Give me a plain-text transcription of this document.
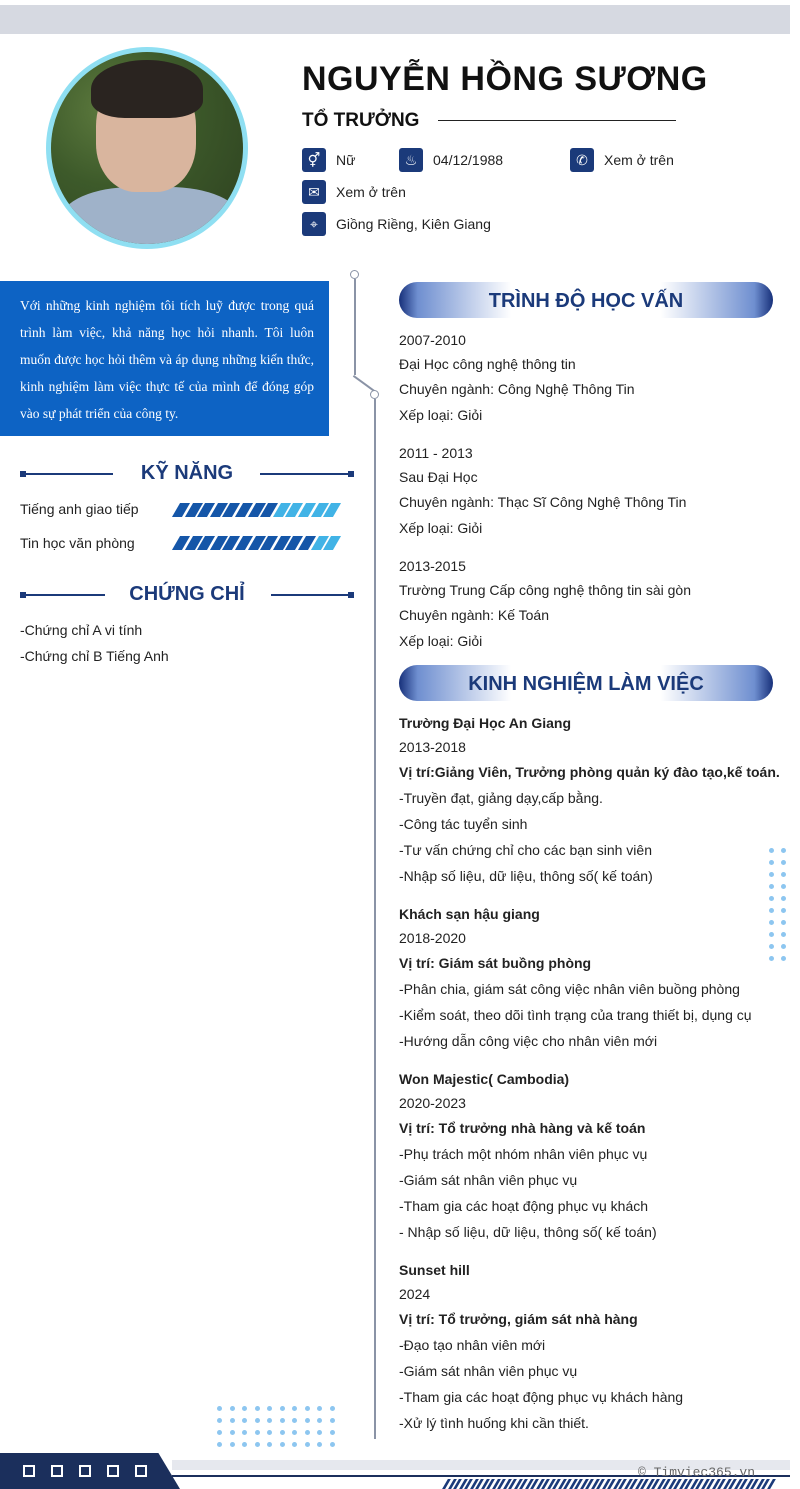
NGUYỄN HỒNG SƯƠNG
TỔ TRƯỞNG
⚥	Nữ	♨	04/12/1988	✆	Xem ở trên
✉	Xem ở trên
⌖	Giồng Riềng, Kiên Giang
Với những kinh nghiệm tôi tích luỹ được trong quá trình làm việc, khả năng học hỏi nhanh. Tôi luôn muốn được học hỏi thêm và áp dụng những kiến thức, kinh nghiệm làm việc thực tế của mình để đóng góp vào sự phát triển của công ty.
KỸ NĂNG
Tiếng anh giao tiếp
Tin học văn phòng
CHỨNG CHỈ
-Chứng chỉ A vi tính
-Chứng chỉ B Tiếng Anh
TRÌNH ĐỘ HỌC VẤN
2007-2010
Đại Học công nghệ thông tin
Chuyên ngành: Công Nghệ Thông Tin
Xếp loại: Giỏi
2011 - 2013
Sau Đại Học
Chuyên ngành: Thạc Sĩ Công Nghệ Thông Tin
Xếp loại: Giỏi
2013-2015
Trường Trung Cấp công nghệ thông tin sài gòn
Chuyên ngành: Kế Toán
Xếp loại: Giỏi
KINH NGHIỆM LÀM VIỆC
Trường Đại Học An Giang
2013-2018
Vị trí:Giảng Viên, Trưởng phòng quản ký đào tạo,kế toán.
-Truyền đạt, giảng dạy,cấp bằng.
-Công tác tuyển sinh
-Tư vấn chứng chỉ cho các bạn sinh viên
-Nhập số liệu, dữ liệu, thông số( kế toán)
Khách sạn hậu giang
2018-2020
Vị trí: Giám sát buồng phòng
-Phân chia, giám sát công việc nhân viên buồng phòng
-Kiểm soát, theo dõi tình trạng của trang thiết bị, dụng cụ
-Hướng dẫn công việc cho nhân viên mới
Won Majestic( Cambodia)
2020-2023
Vị trí: Tổ trưởng nhà hàng và kế toán
-Phụ trách một nhóm nhân viên phục vụ
-Giám sát nhân viên phục vụ
-Tham gia các hoạt động phục vụ khách
- Nhập số liệu, dữ liệu, thông số( kế toán)
Sunset hill
2024
Vị trí: Tổ trưởng, giám sát nhà hàng
-Đạo tạo nhân viên mới
-Giám sát nhân viên phục vụ
-Tham gia các hoạt động phục vụ khách hàng
-Xử lý tình huống khi cần thiết.
© Timviec365.vn
